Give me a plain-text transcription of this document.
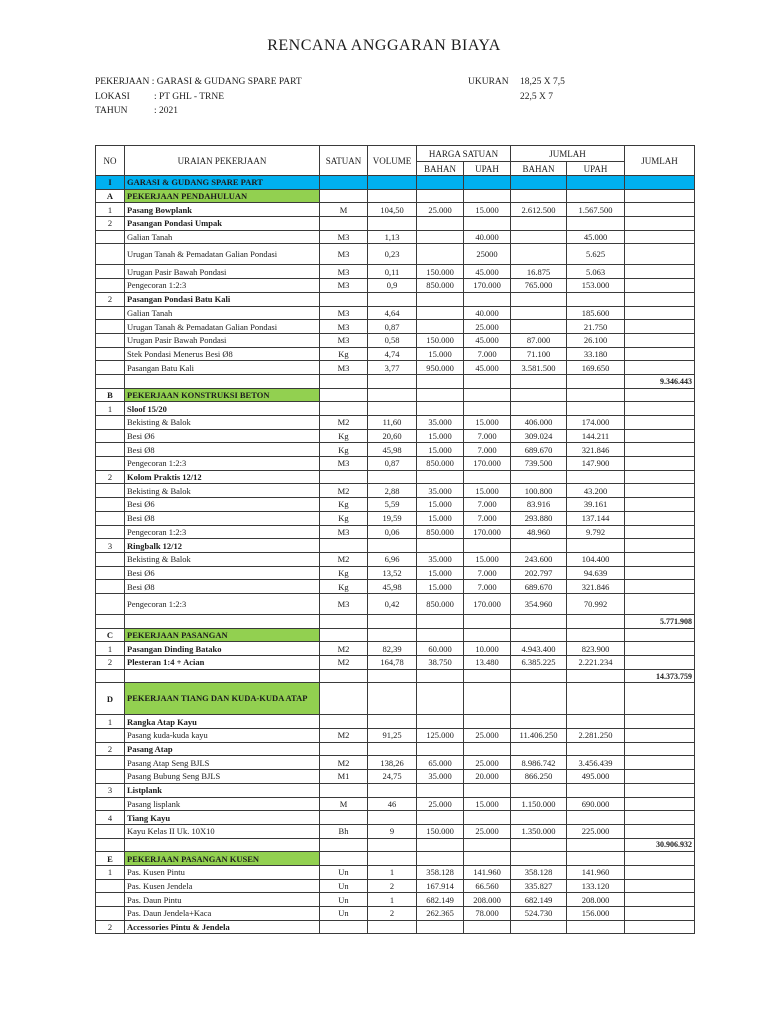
RENCANA ANGGARAN BIAYA
PEKERJAAN : GARASI & GUDANG SPARE PART
LOKASI	: PT GHL - TRNE
TAHUN	: 2021
UKURAN 18,25 X 7,5
22,5 X 7
NO	URAIAN PEKERJAAN	SATUAN	VOLUME	HARGA SATUAN		JUMLAH		JUMLAH
				BAHAN	UPAH	BAHAN	UPAH	
I	GARASI & GUDANG SPARE PART							
A	PEKERJAAN PENDAHULUAN							
1	Pasang Bowplank	M	104,50	25.000	15.000	2.612.500	1.567.500	
2	Pasangan Pondasi Umpak							
	Galian Tanah	M3	1,13		40.000		45.000	
	Urugan Tanah & Pemadatan Galian Pondasi	M3	0,23		25000		5.625	
	Urugan Pasir Bawah Pondasi	M3	0,11	150.000	45.000	16.875	5.063	
	Pengecoran 1:2:3	M3	0,9	850.000	170.000	765.000	153.000	
2	Pasangan Pondasi Batu Kali							
	Galian Tanah	M3	4,64		40.000		185.600	
	Urugan Tanah & Pemadatan Galian Pondasi	M3	0,87		25.000		21.750	
	Urugan Pasir Bawah Pondasi	M3	0,58	150.000	45.000	87.000	26.100	
	Stek Pondasi Menerus Besi Ø8	Kg	4,74	15.000	7.000	71.100	33.180	
	Pasangan Batu Kali	M3	3,77	950.000	45.000	3.581.500	169.650	
								9.346.443
B	PEKERJAAN KONSTRUKSI BETON							
1	Sloof 15/20							
	Bekisting & Balok	M2	11,60	35.000	15.000	406.000	174.000	
	Besi Ø6	Kg	20,60	15.000	7.000	309.024	144.211	
	Besi Ø8	Kg	45,98	15.000	7.000	689.670	321.846	
	Pengecoran 1:2:3	M3	0,87	850.000	170.000	739.500	147.900	
2	Kolom Praktis 12/12							
	Bekisting & Balok	M2	2,88	35.000	15.000	100.800	43.200	
	Besi Ø6	Kg	5,59	15.000	7.000	83.916	39.161	
	Besi Ø8	Kg	19,59	15.000	7.000	293.880	137.144	
	Pengecoran 1:2:3	M3	0,06	850.000	170.000	48.960	9.792	
3	Ringbalk 12/12							
	Bekisting & Balok	M2	6,96	35.000	15.000	243.600	104.400	
	Besi Ø6	Kg	13,52	15.000	7.000	202.797	94.639	
	Besi Ø8	Kg	45,98	15.000	7.000	689.670	321.846	
	Pengecoran 1:2:3	M3	0,42	850.000	170.000	354.960	70.992	
								5.771.908
C	PEKERJAAN PASANGAN							
1	Pasangan Dinding Batako	M2	82,39	60.000	10.000	4.943.400	823.900	
2	Plesteran 1:4 + Acian	M2	164,78	38.750	13.480	6.385.225	2.221.234	
								14.373.759
D	PEKERJAAN TIANG DAN KUDA-KUDA ATAP							
1	Rangka Atap Kayu							
	Pasang kuda-kuda kayu	M2	91,25	125.000	25.000	11.406.250	2.281.250	
2	Pasang Atap							
	Pasang Atap Seng BJLS	M2	138,26	65.000	25.000	8.986.742	3.456.439	
	Pasang Bubung Seng BJLS	M1	24,75	35.000	20.000	866.250	495.000	
3	Listplank							
	Pasang lisplank	M	46	25.000	15.000	1.150.000	690.000	
4	Tiang Kayu							
	Kayu Kelas II Uk. 10X10	Bh	9	150.000	25.000	1.350.000	225.000	
								30.906.932
E	PEKERJAAN PASANGAN KUSEN							
1	Pas. Kusen Pintu	Un	1	358.128	141.960	358.128	141.960	
	Pas. Kusen Jendela	Un	2	167.914	66.560	335.827	133.120	
	Pas. Daun Pintu	Un	1	682.149	208.000	682.149	208.000	
	Pas. Daun Jendela+Kaca	Un	2	262.365	78.000	524.730	156.000	
2	Accessories Pintu & Jendela							
